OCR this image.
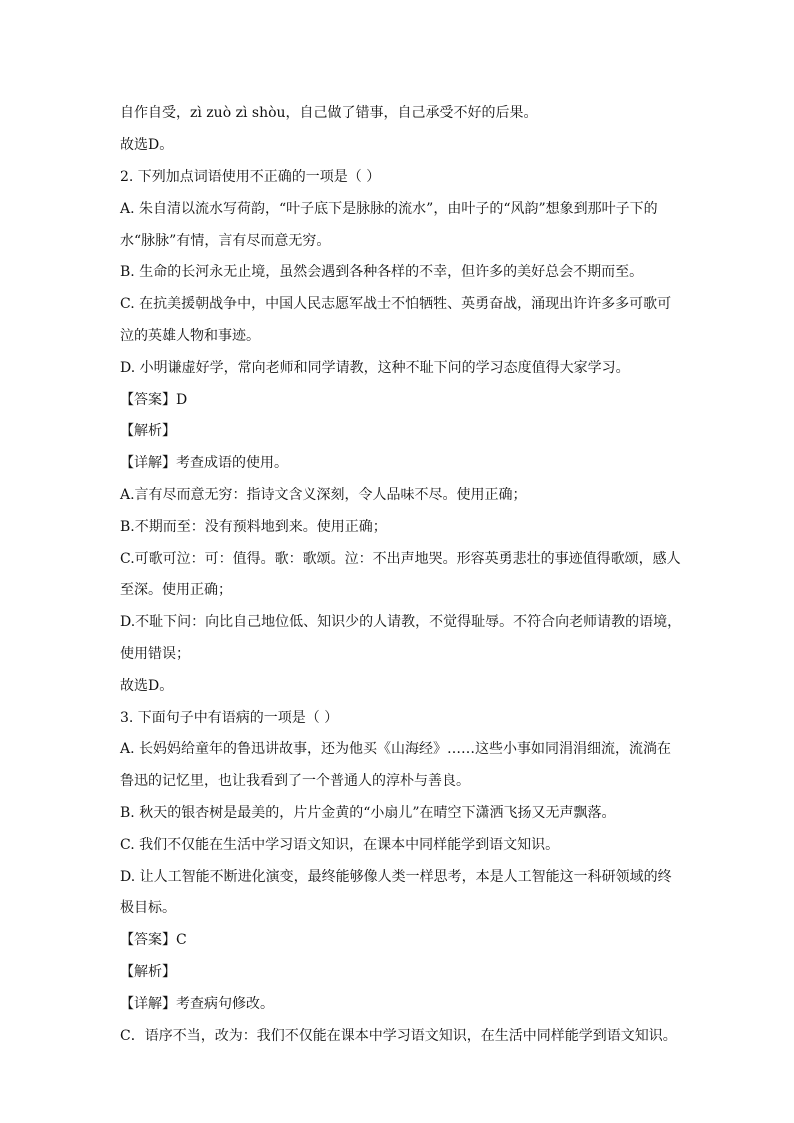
自作自受，zì zuò zì shòu，自己做了错事，自己承受不好的后果。
故选D。
2. 下列加点词语使用不正确的一项是（ ）
A. 朱自清以流水写荷韵，“叶子底下是脉脉的流水”，由叶子的“风韵”想象到那叶子下的
水“脉脉”有情，言有尽而意无穷。
B. 生命的长河永无止境，虽然会遇到各种各样的不幸，但许多的美好总会不期而至。
C. 在抗美援朝战争中，中国人民志愿军战士不怕牺牲、英勇奋战，涌现出许许多多可歌可
泣的英雄人物和事迹。
D. 小明谦虚好学，常向老师和同学请教，这种不耻下问的学习态度值得大家学习。
【答案】D
【解析】
【详解】考查成语的使用。
A.言有尽而意无穷：指诗文含义深刻，令人品味不尽。使用正确；
B.不期而至：没有预料地到来。使用正确；
C.可歌可泣：可：值得。歌：歌颂。泣：不出声地哭。形容英勇悲壮的事迹值得歌颂，感人
至深。使用正确；
D.不耻下问：向比自己地位低、知识少的人请教，不觉得耻辱。不符合向老师请教的语境，
使用错误；
故选D。
3. 下面句子中有语病的一项是（ ）
A. 长妈妈给童年的鲁迅讲故事，还为他买《山海经》……这些小事如同涓涓细流，流淌在
鲁迅的记忆里，也让我看到了一个普通人的淳朴与善良。
B. 秋天的银杏树是最美的，片片金黄的“小扇儿”在晴空下潇洒飞扬又无声飘落。
C. 我们不仅能在生活中学习语文知识，在课本中同样能学到语文知识。
D. 让人工智能不断进化演变，最终能够像人类一样思考，本是人工智能这一科研领域的终
极目标。
【答案】C
【解析】
【详解】考查病句修改。
C．语序不当，改为：我们不仅能在课本中学习语文知识，在生活中同样能学到语文知识。
